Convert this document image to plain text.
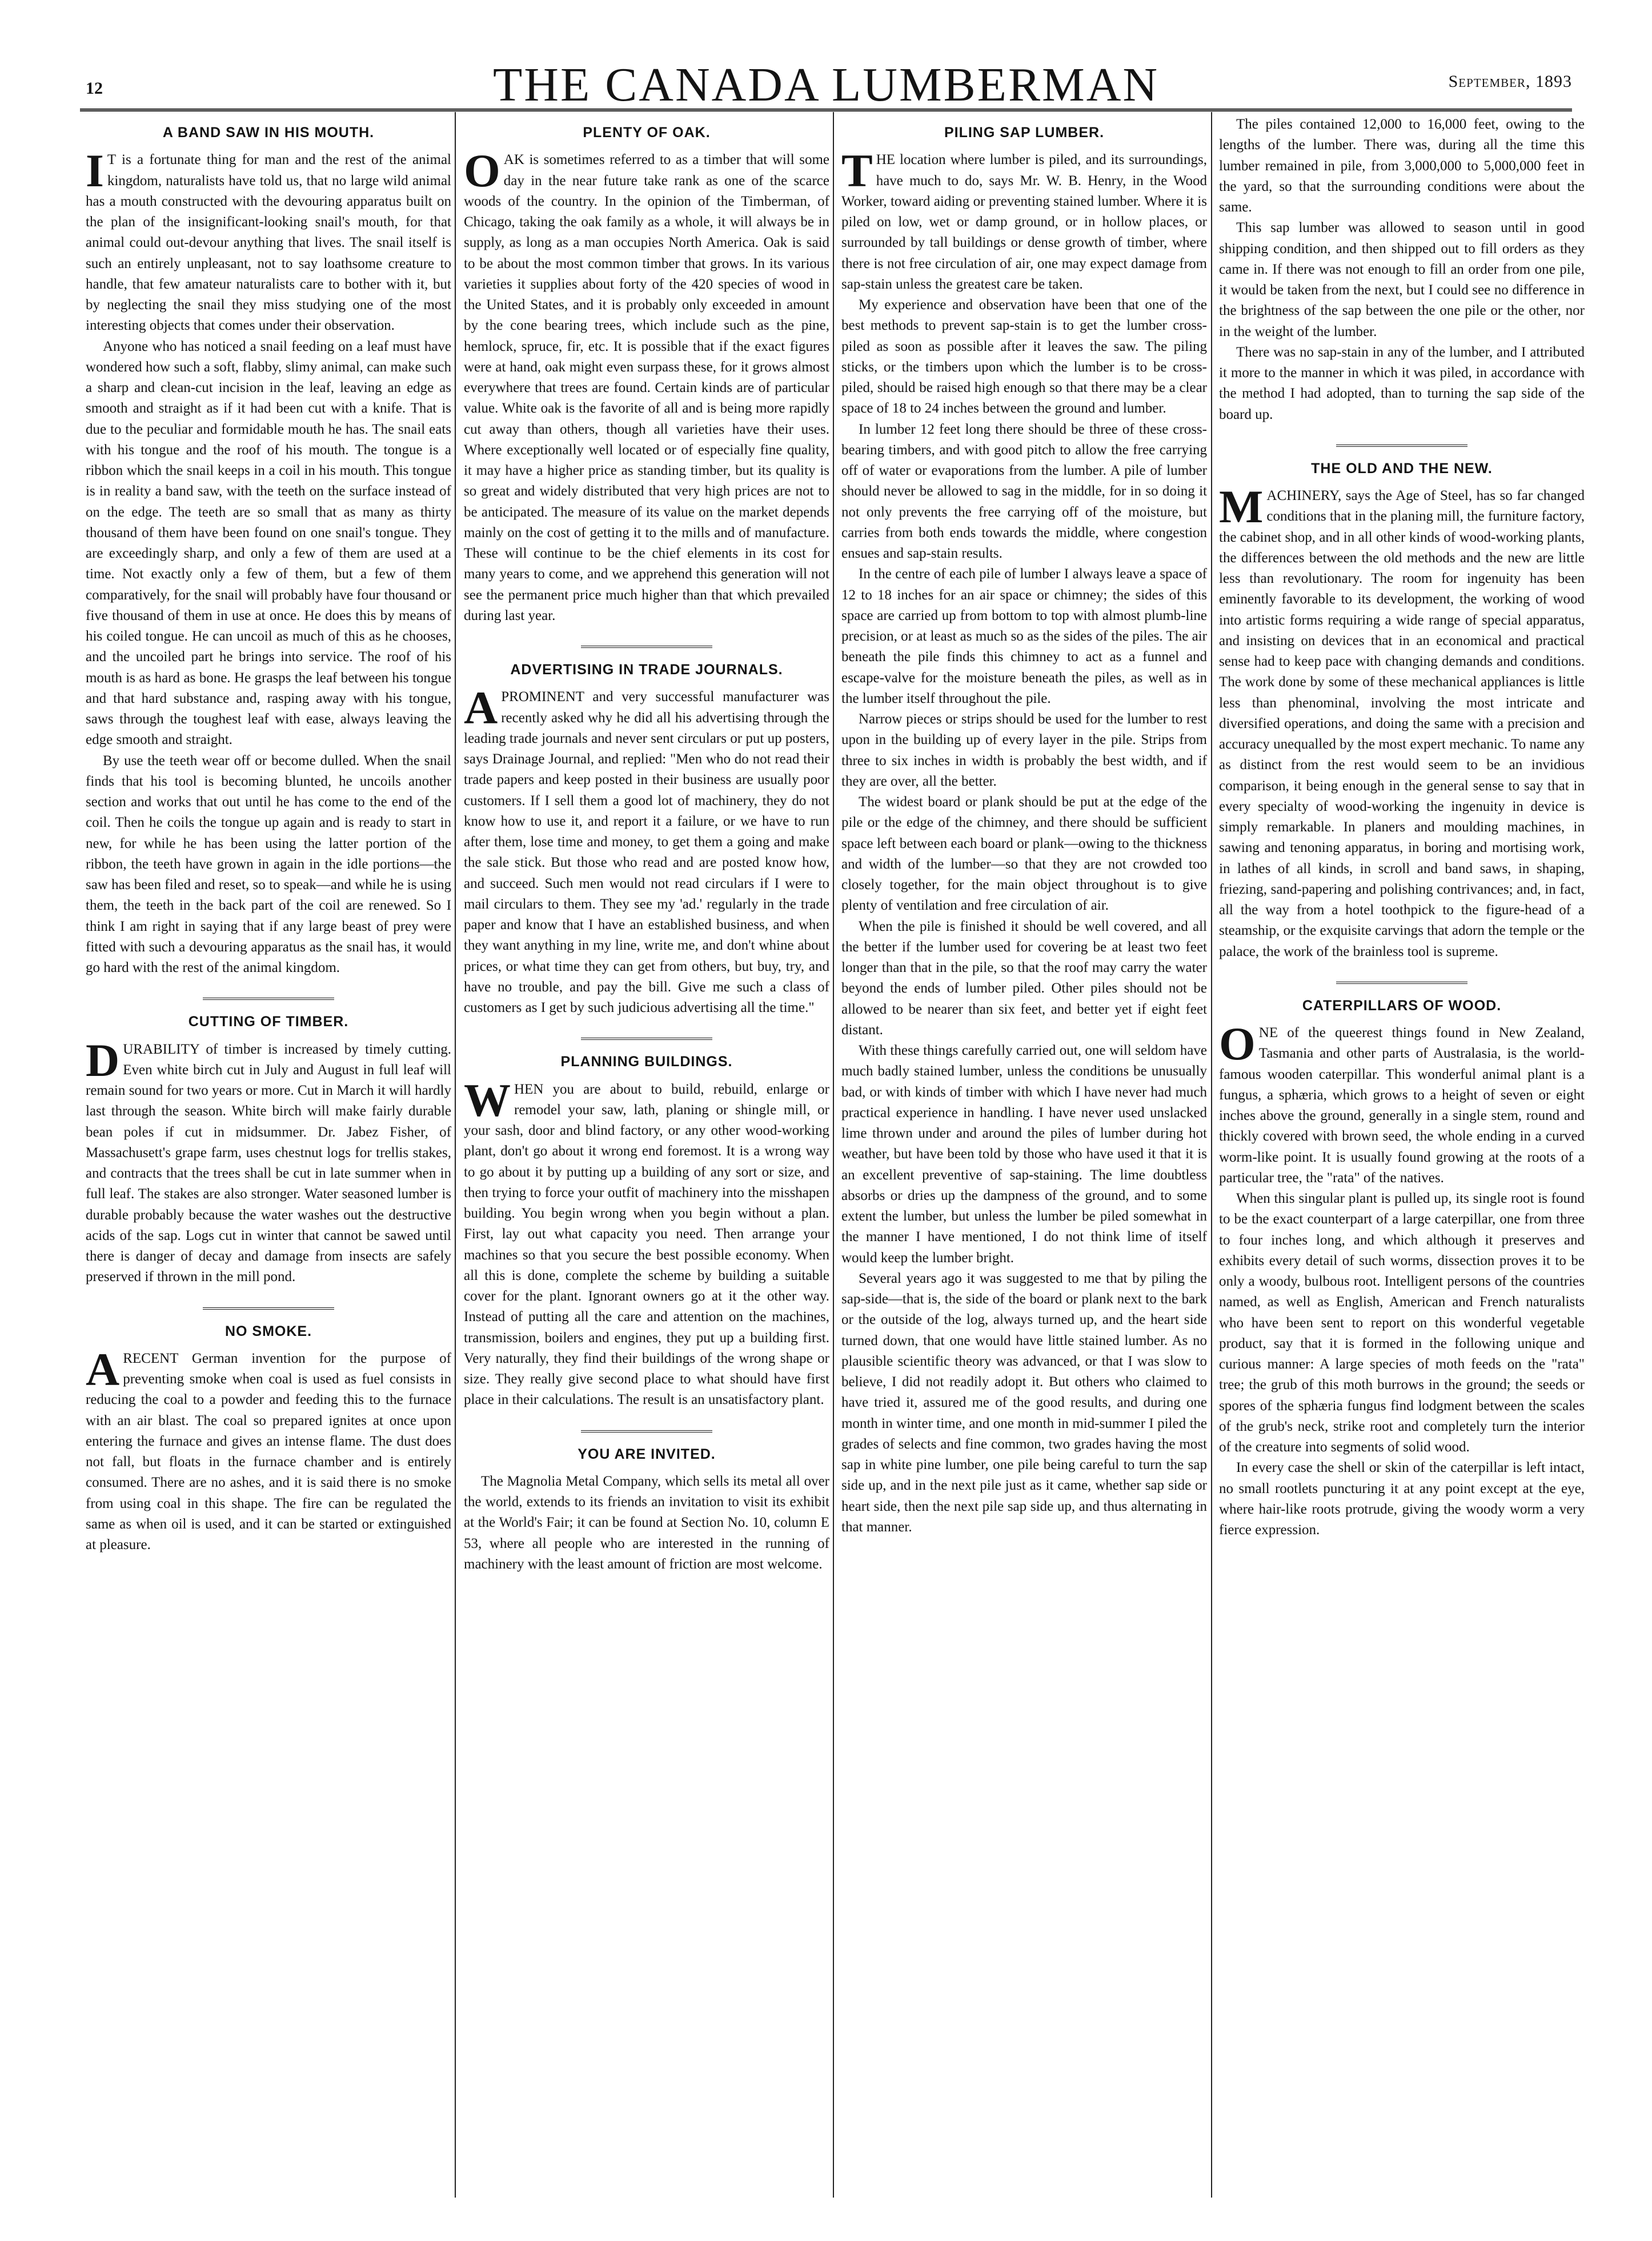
12	THE CANADA LUMBERMAN	September, 1893
A BAND SAW IN HIS MOUTH.

I T is a fortunate thing for man and the rest of the animal kingdom, naturalists have told us, that no large wild animal has a mouth constructed with the devouring apparatus built on the plan of the insignificant-looking snail's mouth, for that animal could out-devour anything that lives. The snail itself is such an entirely unpleasant, not to say loathsome creature to handle, that few amateur naturalists care to bother with it, but by neglecting the snail they miss studying one of the most interesting objects that comes under their observation.

Anyone who has noticed a snail feeding on a leaf must have wondered how such a soft, flabby, slimy animal, can make such a sharp and clean-cut incision in the leaf, leaving an edge as smooth and straight as if it had been cut with a knife. That is due to the peculiar and formidable mouth he has. The snail eats with his tongue and the roof of his mouth. The tongue is a ribbon which the snail keeps in a coil in his mouth. This tongue is in reality a band saw, with the teeth on the surface instead of on the edge. The teeth are so small that as many as thirty thousand of them have been found on one snail's tongue. They are exceedingly sharp, and only a few of them are used at a time. Not exactly only a few of them, but a few of them comparatively, for the snail will probably have four thousand or five thousand of them in use at once. He does this by means of his coiled tongue. He can uncoil as much of this as he chooses, and the uncoiled part he brings into service. The roof of his mouth is as hard as bone. He grasps the leaf between his tongue and that hard substance and, rasping away with his tongue, saws through the toughest leaf with ease, always leaving the edge smooth and straight.

By use the teeth wear off or become dulled. When the snail finds that his tool is becoming blunted, he uncoils another section and works that out until he has come to the end of the coil. Then he coils the tongue up again and is ready to start in new, for while he has been using the latter portion of the ribbon, the teeth have grown in again in the idle portions—the saw has been filed and reset, so to speak—and while he is using them, the teeth in the back part of the coil are renewed. So I think I am right in saying that if any large beast of prey were fitted with such a devouring apparatus as the snail has, it would go hard with the rest of the animal kingdom.

CUTTING OF TIMBER.

DURABILITY of timber is increased by timely cutting. Even white birch cut in July and August in full leaf will remain sound for two years or more. Cut in March it will hardly last through the season. White birch will make fairly durable bean poles if cut in midsummer. Dr. Jabez Fisher, of Massachusett's grape farm, uses chestnut logs for trellis stakes, and contracts that the trees shall be cut in late summer when in full leaf. The stakes are also stronger. Water seasoned lumber is durable probably because the water washes out the destructive acids of the sap. Logs cut in winter that cannot be sawed until there is danger of decay and damage from insects are safely preserved if thrown in the mill pond.

NO SMOKE.

ARECENT German invention for the purpose of preventing smoke when coal is used as fuel consists in reducing the coal to a powder and feeding this to the furnace with an air blast. The coal so prepared ignites at once upon entering the furnace and gives an intense flame. The dust does not fall, but floats in the furnace chamber and is entirely consumed. There are no ashes, and it is said there is no smoke from using coal in this shape. The fire can be regulated the same as when oil is used, and it can be started or extinguished at pleasure.

PLENTY OF OAK.

OAK is sometimes referred to as a timber that will some day in the near future take rank as one of the scarce woods of the country. In the opinion of the Timberman, of Chicago, taking the oak family as a whole, it will always be in supply, as long as a man occupies North America. Oak is said to be about the most common timber that grows. In its various varieties it supplies about forty of the 420 species of wood in the United States, and it is probably only exceeded in amount by the cone bearing trees, which include such as the pine, hemlock, spruce, fir, etc. It is possible that if the exact figures were at hand, oak might even surpass these, for it grows almost everywhere that trees are found. Certain kinds are of particular value. White oak is the favorite of all and is being more rapidly cut away than others, though all varieties have their uses. Where exceptionally well located or of especially fine quality, it may have a higher price as standing timber, but its quality is so great and widely distributed that very high prices are not to be anticipated. The measure of its value on the market depends mainly on the cost of getting it to the mills and of manufacture. These will continue to be the chief elements in its cost for many years to come, and we apprehend this generation will not see the permanent price much higher than that which prevailed during last year.

ADVERTISING IN TRADE JOURNALS.

APROMINENT and very successful manufacturer was recently asked why he did all his advertising through the leading trade journals and never sent circulars or put up posters, says Drainage Journal, and replied: "Men who do not read their trade papers and keep posted in their business are usually poor customers. If I sell them a good lot of machinery, they do not know how to use it, and report it a failure, or we have to run after them, lose time and money, to get them a going and make the sale stick. But those who read and are posted know how, and succeed. Such men would not read circulars if I were to mail circulars to them. They see my 'ad.' regularly in the trade paper and know that I have an established business, and when they want anything in my line, write me, and don't whine about prices, or what time they can get from others, but buy, try, and have no trouble, and pay the bill. Give me such a class of customers as I get by such judicious advertising all the time."

PLANNING BUILDINGS.

WHEN you are about to build, rebuild, enlarge or remodel your saw, lath, planing or shingle mill, or your sash, door and blind factory, or any other wood-working plant, don't go about it wrong end foremost. It is a wrong way to go about it by putting up a building of any sort or size, and then trying to force your outfit of machinery into the misshapen building. You begin wrong when you begin without a plan. First, lay out what capacity you need. Then arrange your machines so that you secure the best possible economy. When all this is done, complete the scheme by building a suitable cover for the plant. Ignorant owners go at it the other way. Instead of putting all the care and attention on the machines, transmission, boilers and engines, they put up a building first. Very naturally, they find their buildings of the wrong shape or size. They really give second place to what should have first place in their calculations. The result is an unsatisfactory plant.

YOU ARE INVITED.

The Magnolia Metal Company, which sells its metal all over the world, extends to its friends an invitation to visit its exhibit at the World's Fair; it can be found at Section No. 10, column E 53, where all people who are interested in the running of machinery with the least amount of friction are most welcome.

PILING SAP LUMBER.

THE location where lumber is piled, and its surroundings, have much to do, says Mr. W. B. Henry, in the Wood Worker, toward aiding or preventing stained lumber. Where it is piled on low, wet or damp ground, or in hollow places, or surrounded by tall buildings or dense growth of timber, where there is not free circulation of air, one may expect damage from sap-stain unless the greatest care be taken.

My experience and observation have been that one of the best methods to prevent sap-stain is to get the lumber cross-piled as soon as possible after it leaves the saw. The piling sticks, or the timbers upon which the lumber is to be cross-piled, should be raised high enough so that there may be a clear space of 18 to 24 inches between the ground and lumber.

In lumber 12 feet long there should be three of these cross-bearing timbers, and with good pitch to allow the free carrying off of water or evaporations from the lumber. A pile of lumber should never be allowed to sag in the middle, for in so doing it not only prevents the free carrying off of the moisture, but carries from both ends towards the middle, where congestion ensues and sap-stain results.

In the centre of each pile of lumber I always leave a space of 12 to 18 inches for an air space or chimney; the sides of this space are carried up from bottom to top with almost plumb-line precision, or at least as much so as the sides of the piles. The air beneath the pile finds this chimney to act as a funnel and escape-valve for the moisture beneath the piles, as well as in the lumber itself throughout the pile.

Narrow pieces or strips should be used for the lumber to rest upon in the building up of every layer in the pile. Strips from three to six inches in width is probably the best width, and if they are over, all the better.

The widest board or plank should be put at the edge of the pile or the edge of the chimney, and there should be sufficient space left between each board or plank—owing to the thickness and width of the lumber—so that they are not crowded too closely together, for the main object throughout is to give plenty of ventilation and free circulation of air.

When the pile is finished it should be well covered, and all the better if the lumber used for covering be at least two feet longer than that in the pile, so that the roof may carry the water beyond the ends of lumber piled. Other piles should not be allowed to be nearer than six feet, and better yet if eight feet distant.

With these things carefully carried out, one will seldom have much badly stained lumber, unless the conditions be unusually bad, or with kinds of timber with which I have never had much practical experience in handling. I have never used unslacked lime thrown under and around the piles of lumber during hot weather, but have been told by those who have used it that it is an excellent preventive of sap-staining. The lime doubtless absorbs or dries up the dampness of the ground, and to some extent the lumber, but unless the lumber be piled somewhat in the manner I have mentioned, I do not think lime of itself would keep the lumber bright.

Several years ago it was suggested to me that by piling the sap-side—that is, the side of the board or plank next to the bark or the outside of the log, always turned up, and the heart side turned down, that one would have little stained lumber. As no plausible scientific theory was advanced, or that I was slow to believe, I did not readily adopt it. But others who claimed to have tried it, assured me of the good results, and during one month in winter time, and one month in mid-summer I piled the grades of selects and fine common, two grades having the most sap in white pine lumber, one pile being careful to turn the sap side up, and in the next pile just as it came, whether sap side or heart side, then the next pile sap side up, and thus alternating in that manner.

The piles contained 12,000 to 16,000 feet, owing to the lengths of the lumber. There was, during all the time this lumber remained in pile, from 3,000,000 to 5,000,000 feet in the yard, so that the surrounding conditions were about the same.

This sap lumber was allowed to season until in good shipping condition, and then shipped out to fill orders as they came in. If there was not enough to fill an order from one pile, it would be taken from the next, but I could see no difference in the brightness of the sap between the one pile or the other, nor in the weight of the lumber.

There was no sap-stain in any of the lumber, and I attributed it more to the manner in which it was piled, in accordance with the method I had adopted, than to turning the sap side of the board up.

THE OLD AND THE NEW.

MACHINERY, says the Age of Steel, has so far changed conditions that in the planing mill, the furniture factory, the cabinet shop, and in all other kinds of wood-working plants, the differences between the old methods and the new are little less than revolutionary. The room for ingenuity has been eminently favorable to its development, the working of wood into artistic forms requiring a wide range of special apparatus, and insisting on devices that in an economical and practical sense had to keep pace with changing demands and conditions. The work done by some of these mechanical appliances is little less than phenominal, involving the most intricate and diversified operations, and doing the same with a precision and accuracy unequalled by the most expert mechanic. To name any as distinct from the rest would seem to be an invidious comparison, it being enough in the general sense to say that in every specialty of wood-working the ingenuity in device is simply remarkable. In planers and moulding machines, in sawing and tenoning apparatus, in boring and mortising work, in lathes of all kinds, in scroll and band saws, in shaping, friezing, sand-papering and polishing contrivances; and, in fact, all the way from a hotel toothpick to the figure-head of a steamship, or the exquisite carvings that adorn the temple or the palace, the work of the brainless tool is supreme.

CATERPILLARS OF WOOD.

ONE of the queerest things found in New Zealand, Tasmania and other parts of Australasia, is the world-famous wooden caterpillar. This wonderful animal plant is a fungus, a sphæria, which grows to a height of seven or eight inches above the ground, generally in a single stem, round and thickly covered with brown seed, the whole ending in a curved worm-like point. It is usually found growing at the roots of a particular tree, the "rata" of the natives.

When this singular plant is pulled up, its single root is found to be the exact counterpart of a large caterpillar, one from three to four inches long, and which although it preserves and exhibits every detail of such worms, dissection proves it to be only a woody, bulbous root. Intelligent persons of the countries named, as well as English, American and French naturalists who have been sent to report on this wonderful vegetable product, say that it is formed in the following unique and curious manner: A large species of moth feeds on the "rata" tree; the grub of this moth burrows in the ground; the seeds or spores of the sphæria fungus find lodgment between the scales of the grub's neck, strike root and completely turn the interior of the creature into segments of solid wood.

In every case the shell or skin of the caterpillar is left intact, no small rootlets puncturing it at any point except at the eye, where hair-like roots protrude, giving the woody worm a very fierce expression.
